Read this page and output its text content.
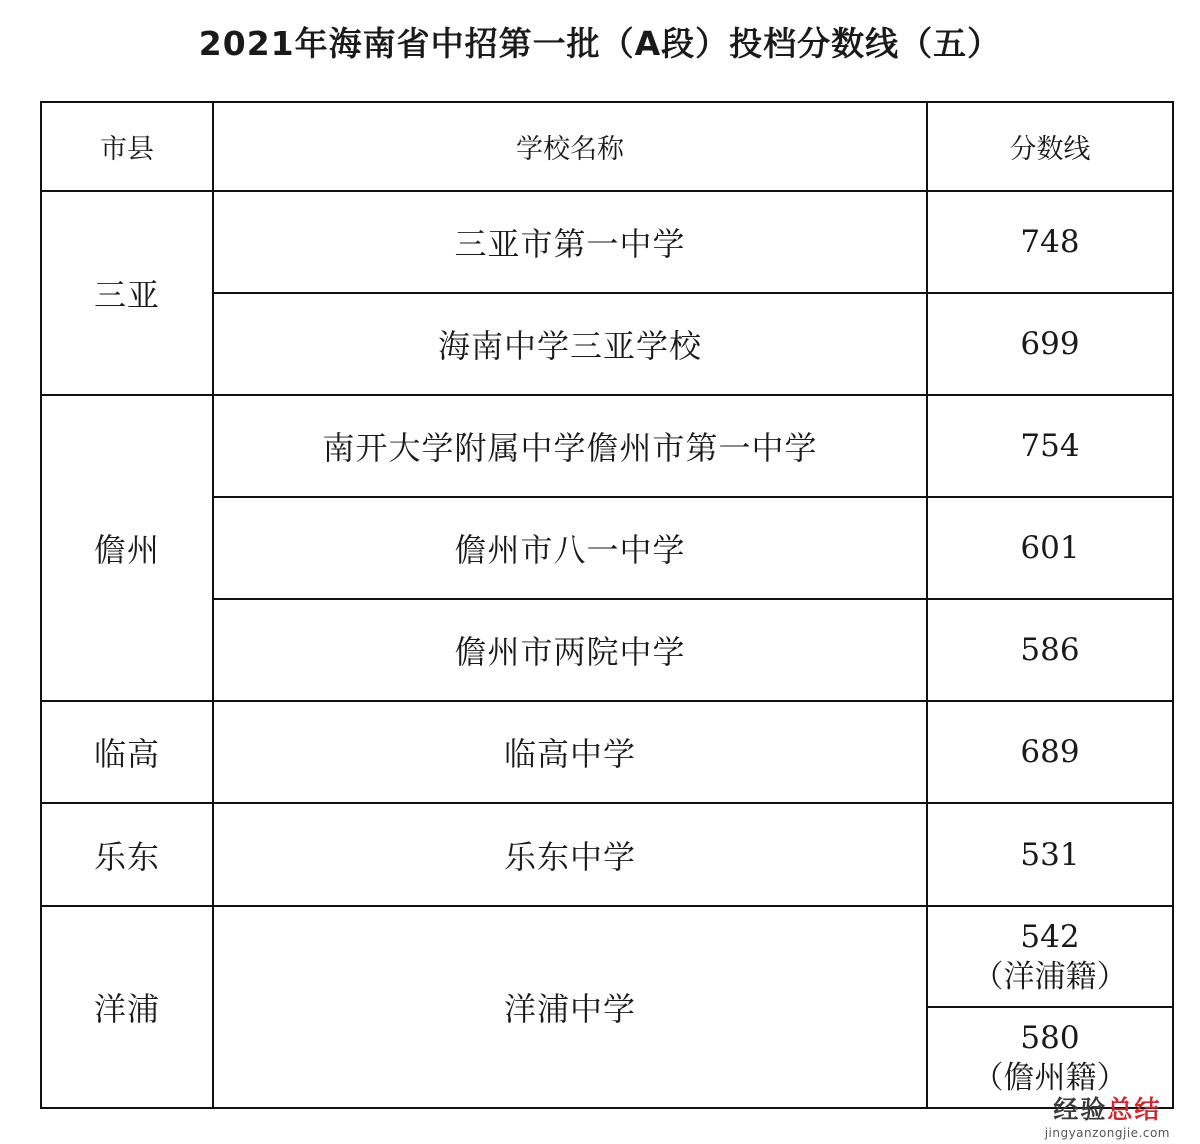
2021年海南省中招第一批（A段）投档分数线（五）
市县	学校名称	分数线
三亚	三亚市第一中学	748
	海南中学三亚学校	699
儋州	南开大学附属中学儋州市第一中学	754
	儋州市八一中学	601
	儋州市两院中学	586
临高	临高中学	689
乐东	乐东中学	531
洋浦	洋浦中学	542
（洋浦籍）

		580
（儋州籍）
经验总结
jingyanzongjie.com
